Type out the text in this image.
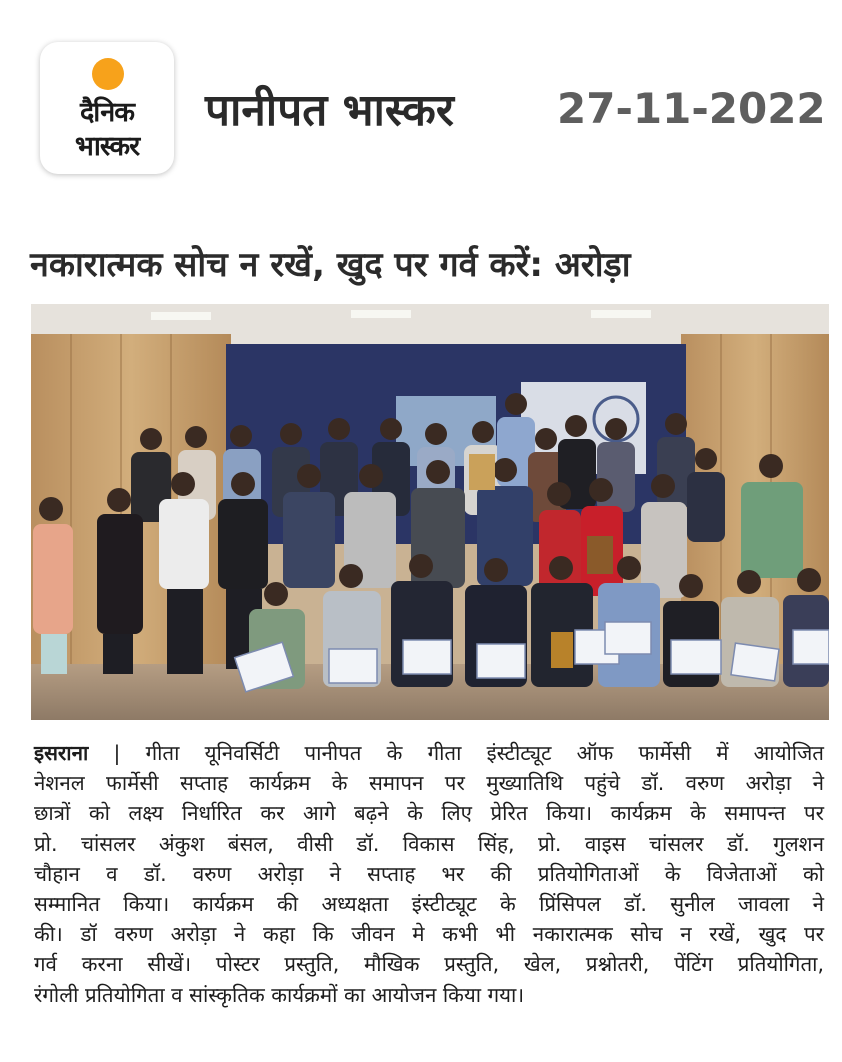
दैनिक
भास्कर
पानीपत भास्कर 27-11-2022
नकारात्मक सोच न रखें, खुद पर गर्व करें: अरोड़ा
इसराना | गीता यूनिवर्सिटी पानीपत के गीता इंस्टीट्यूट ऑफ फार्मेसी में आयोजित
नेशनल फार्मेसी सप्ताह कार्यक्रम के समापन पर मुख्यातिथि पहुंचे डॉ. वरुण अरोड़ा ने
छात्रों को लक्ष्य निर्धारित कर आगे बढ़ने के लिए प्रेरित किया। कार्यक्रम के समापन्त पर
प्रो. चांसलर अंकुश बंसल, वीसी डॉ. विकास सिंह, प्रो. वाइस चांसलर डॉ. गुलशन
चौहान व डॉ. वरुण अरोड़ा ने सप्ताह भर की प्रतियोगिताओं के विजेताओं को
सम्मानित किया। कार्यक्रम की अध्यक्षता इंस्टीट्यूट के प्रिंसिपल डॉ. सुनील जावला ने
की। डॉ वरुण अरोड़ा ने कहा कि जीवन मे कभी भी नकारात्मक सोच न रखें, खुद पर
गर्व करना सीखें। पोस्टर प्रस्तुति, मौखिक प्रस्तुति, खेल, प्रश्नोतरी, पेंटिंग प्रतियोगिता,
रंगोली प्रतियोगिता व सांस्कृतिक कार्यक्रमों का आयोजन किया गया।
